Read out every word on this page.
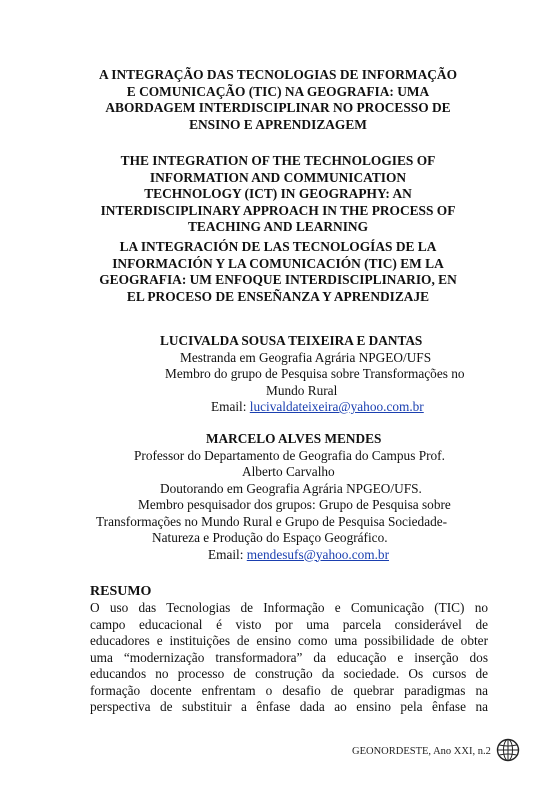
A INTEGRAÇÃO DAS TECNOLOGIAS DE INFORMAÇÃO
E COMUNICAÇÃO (TIC) NA GEOGRAFIA: UMA
ABORDAGEM INTERDISCIPLINAR NO PROCESSO DE
ENSINO E APRENDIZAGEM
THE INTEGRATION OF THE TECHNOLOGIES OF
INFORMATION AND COMMUNICATION
TECHNOLOGY (ICT) IN GEOGRAPHY: AN
INTERDISCIPLINARY APPROACH IN THE PROCESS OF
TEACHING AND LEARNING
LA INTEGRACIÓN DE LAS TECNOLOGÍAS DE LA
INFORMACIÓN Y LA COMUNICACIÓN (TIC) EM LA
GEOGRAFIA: UM ENFOQUE INTERDISCIPLINARIO, EN
EL PROCESO DE ENSEÑANZA Y APRENDIZAJE
LUCIVALDA SOUSA TEIXEIRA E DANTAS
Mestranda em Geografia Agrária NPGEO/UFS
Membro do grupo de Pesquisa sobre Transformações no
Mundo Rural
Email: lucivaldateixeira@yahoo.com.br
MARCELO ALVES MENDES
Professor do Departamento de Geografia do Campus Prof.
Alberto Carvalho
Doutorando em Geografia Agrária NPGEO/UFS.
Membro pesquisador dos grupos: Grupo de Pesquisa sobre
Transformações no Mundo Rural e Grupo de Pesquisa Sociedade-
Natureza e Produção do Espaço Geográfico.
Email: mendesufs@yahoo.com.br
RESUMO
O uso das Tecnologias de Informação e Comunicação (TIC) no
campo educacional é visto por uma parcela considerável de
educadores e instituições de ensino como uma possibilidade de obter
uma “modernização transformadora” da educação e inserção dos
educandos no processo de construção da sociedade. Os cursos de
formação docente enfrentam o desafio de quebrar paradigmas na
perspectiva de substituir a ênfase dada ao ensino pela ênfase na
GEONORDESTE, Ano XXI, n.2
